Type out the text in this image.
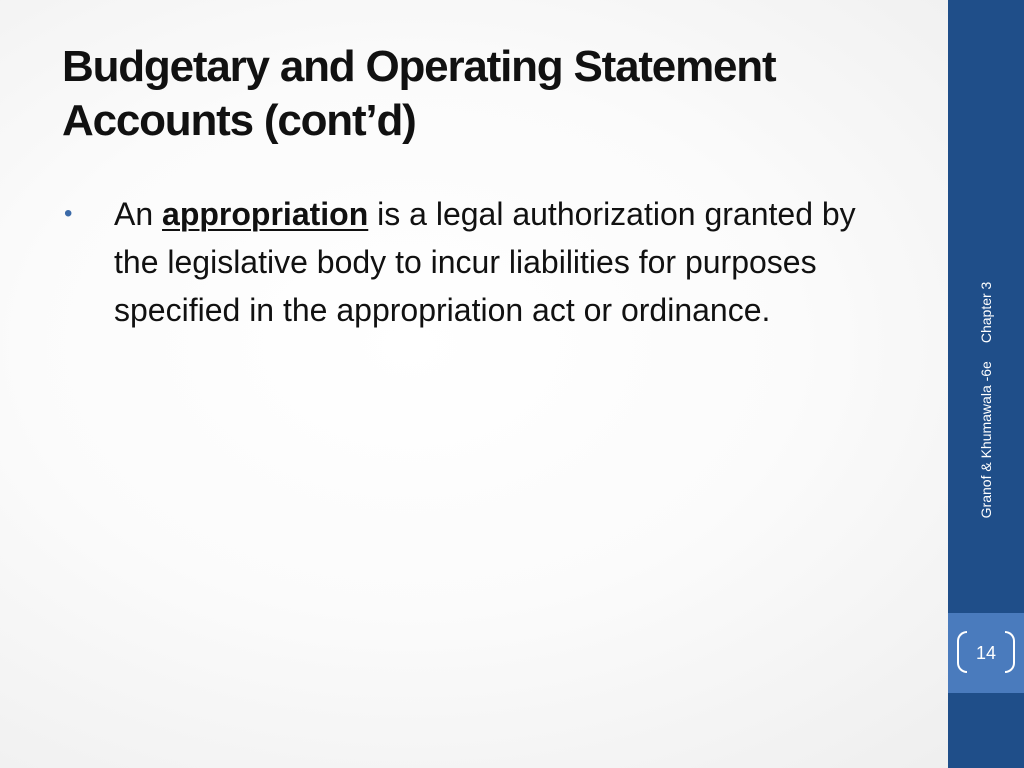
Budgetary and Operating Statement
Accounts (cont’d)
• An appropriation is a legal authorization granted by the legislative body to incur liabilities for purposes specified in the appropriation act or ordinance.
Granof & Khumawala -6eChapter 3
14
